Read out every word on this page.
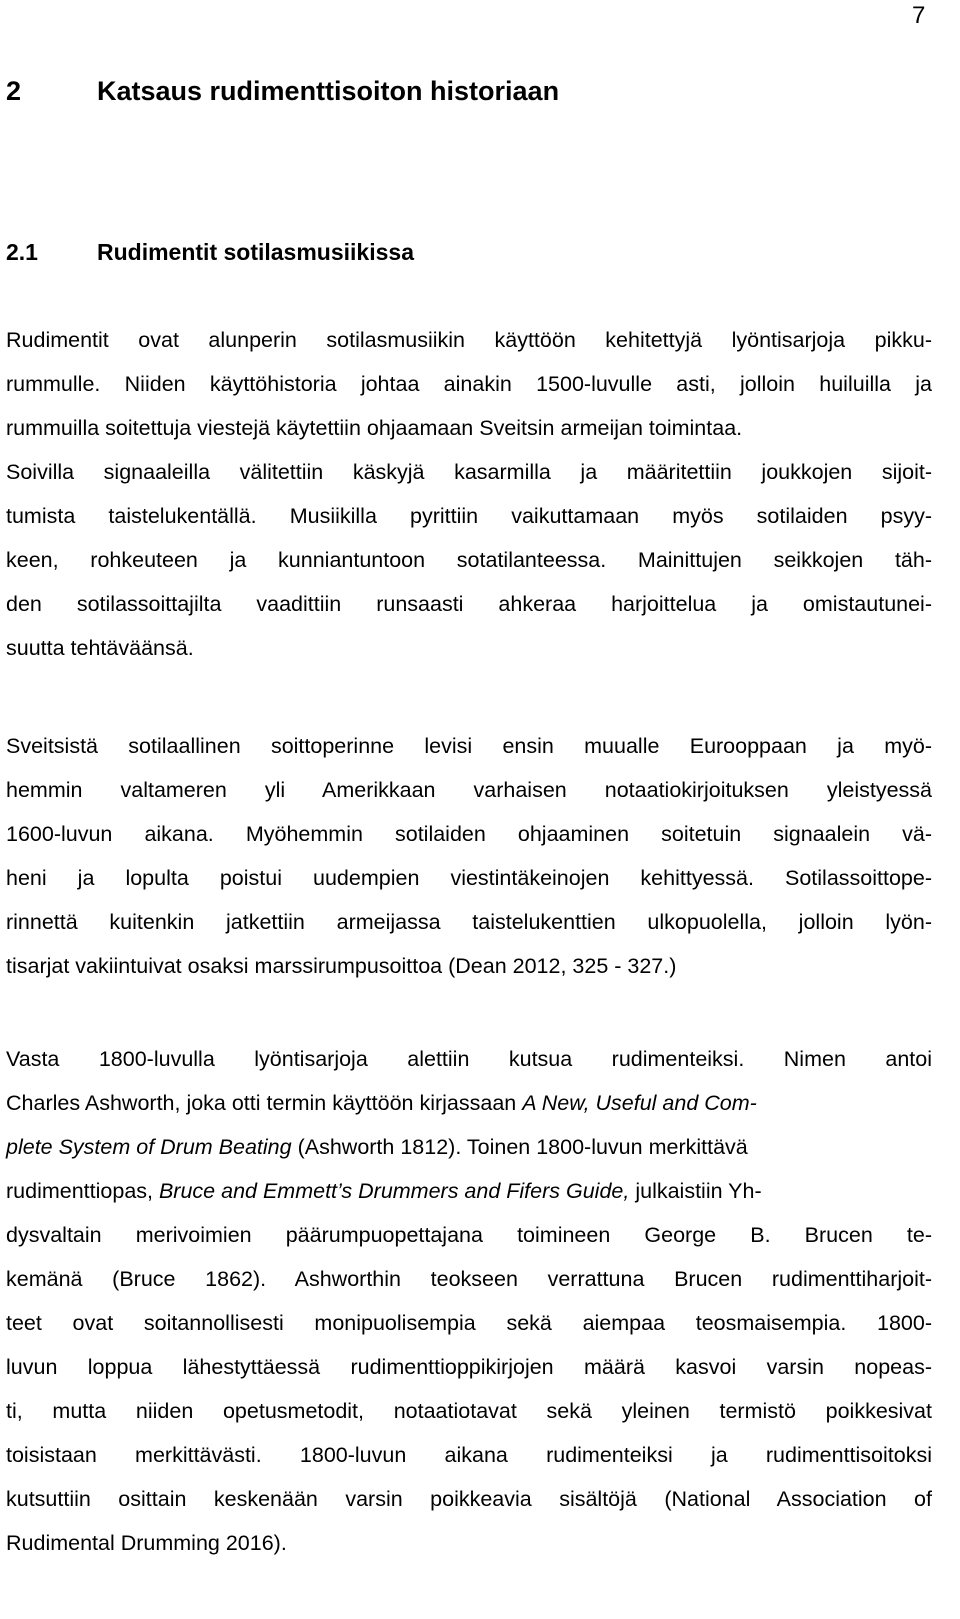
7
2	Katsaus rudimenttisoiton historiaan
2.1	Rudimentit sotilasmusiikissa
Rudimentit ovat alunperin sotilasmusiikin käyttöön kehitettyjä lyöntisarjoja pikku-
rummulle. Niiden käyttöhistoria johtaa ainakin 1500-luvulle asti, jolloin huiluilla ja
rummuilla soitettuja viestejä käytettiin ohjaamaan Sveitsin armeijan toimintaa.
Soivilla signaaleilla välitettiin käskyjä kasarmilla ja määritettiin joukkojen sijoit-
tumista taistelukentällä. Musiikilla pyrittiin vaikuttamaan myös sotilaiden psyy-
keen, rohkeuteen ja kunniantuntoon sotatilanteessa. Mainittujen seikkojen täh-
den sotilassoittajilta vaadittiin runsaasti ahkeraa harjoittelua ja omistautunei-
suutta tehtäväänsä.
Sveitsistä sotilaallinen soittoperinne levisi ensin muualle Eurooppaan ja myö-
hemmin valtameren yli Amerikkaan varhaisen notaatiokirjoituksen yleistyessä
1600-luvun aikana. Myöhemmin sotilaiden ohjaaminen soitetuin signaalein vä-
heni ja lopulta poistui uudempien viestintäkeinojen kehittyessä. Sotilassoittope-
rinnettä kuitenkin jatkettiin armeijassa taistelukenttien ulkopuolella, jolloin lyön-
tisarjat vakiintuivat osaksi marssirumpusoittoa (Dean 2012, 325 - 327.)
Vasta 1800-luvulla lyöntisarjoja alettiin kutsua rudimenteiksi. Nimen antoi
Charles Ashworth, joka otti termin käyttöön kirjassaan A New, Useful and Com-
plete System of Drum Beating (Ashworth 1812). Toinen 1800-luvun merkittävä
rudimenttiopas, Bruce and Emmett’s Drummers and Fifers Guide, julkaistiin Yh-
dysvaltain merivoimien päärumpuopettajana toimineen George B. Brucen te-
kemänä (Bruce 1862). Ashworthin teokseen verrattuna Brucen rudimenttiharjoit-
teet ovat soitannollisesti monipuolisempia sekä aiempaa teosmaisempia. 1800-
luvun loppua lähestyttäessä rudimenttioppikirjojen määrä kasvoi varsin nopeas-
ti, mutta niiden opetusmetodit, notaatiotavat sekä yleinen termistö poikkesivat
toisistaan merkittävästi. 1800-luvun aikana rudimenteiksi ja rudimenttisoitoksi
kutsuttiin osittain keskenään varsin poikkeavia sisältöjä (National Association of
Rudimental Drumming 2016).
